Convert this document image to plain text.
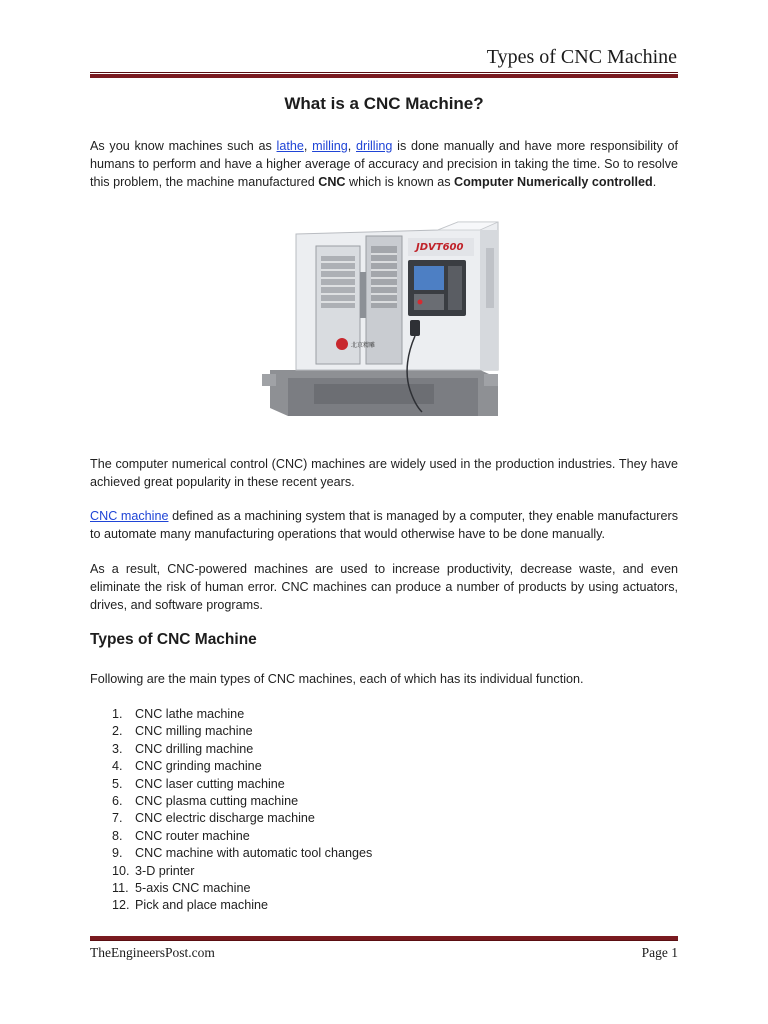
Types of CNC Machine
What is a CNC Machine?

As you know machines such as lathe, milling, drilling is done manually and have more responsibility of humans to perform and have a higher average of accuracy and precision in taking the time. So to resolve this problem, the machine manufactured CNC which is known as Computer Numerically controlled.

北京精雕
JDVT600

The computer numerical control (CNC) machines are widely used in the production industries. They have achieved great popularity in these recent years.

CNC machine defined as a machining system that is managed by a computer, they enable manufacturers to automate many manufacturing operations that would otherwise have to be done manually.

As a result, CNC-powered machines are used to increase productivity, decrease waste, and even eliminate the risk of human error. CNC machines can produce a number of products by using actuators, drives, and software programs.

Types of CNC Machine

Following are the main types of CNC machines, each of which has its individual function.

1. CNC lathe machine
2. CNC milling machine
3. CNC drilling machine
4. CNC grinding machine
5. CNC laser cutting machine
6. CNC plasma cutting machine
7. CNC electric discharge machine
8. CNC router machine
9. CNC machine with automatic tool changes
10. 3-D printer
11. 5-axis CNC machine
12. Pick and place machine
TheEngineersPost.com	Page 1
